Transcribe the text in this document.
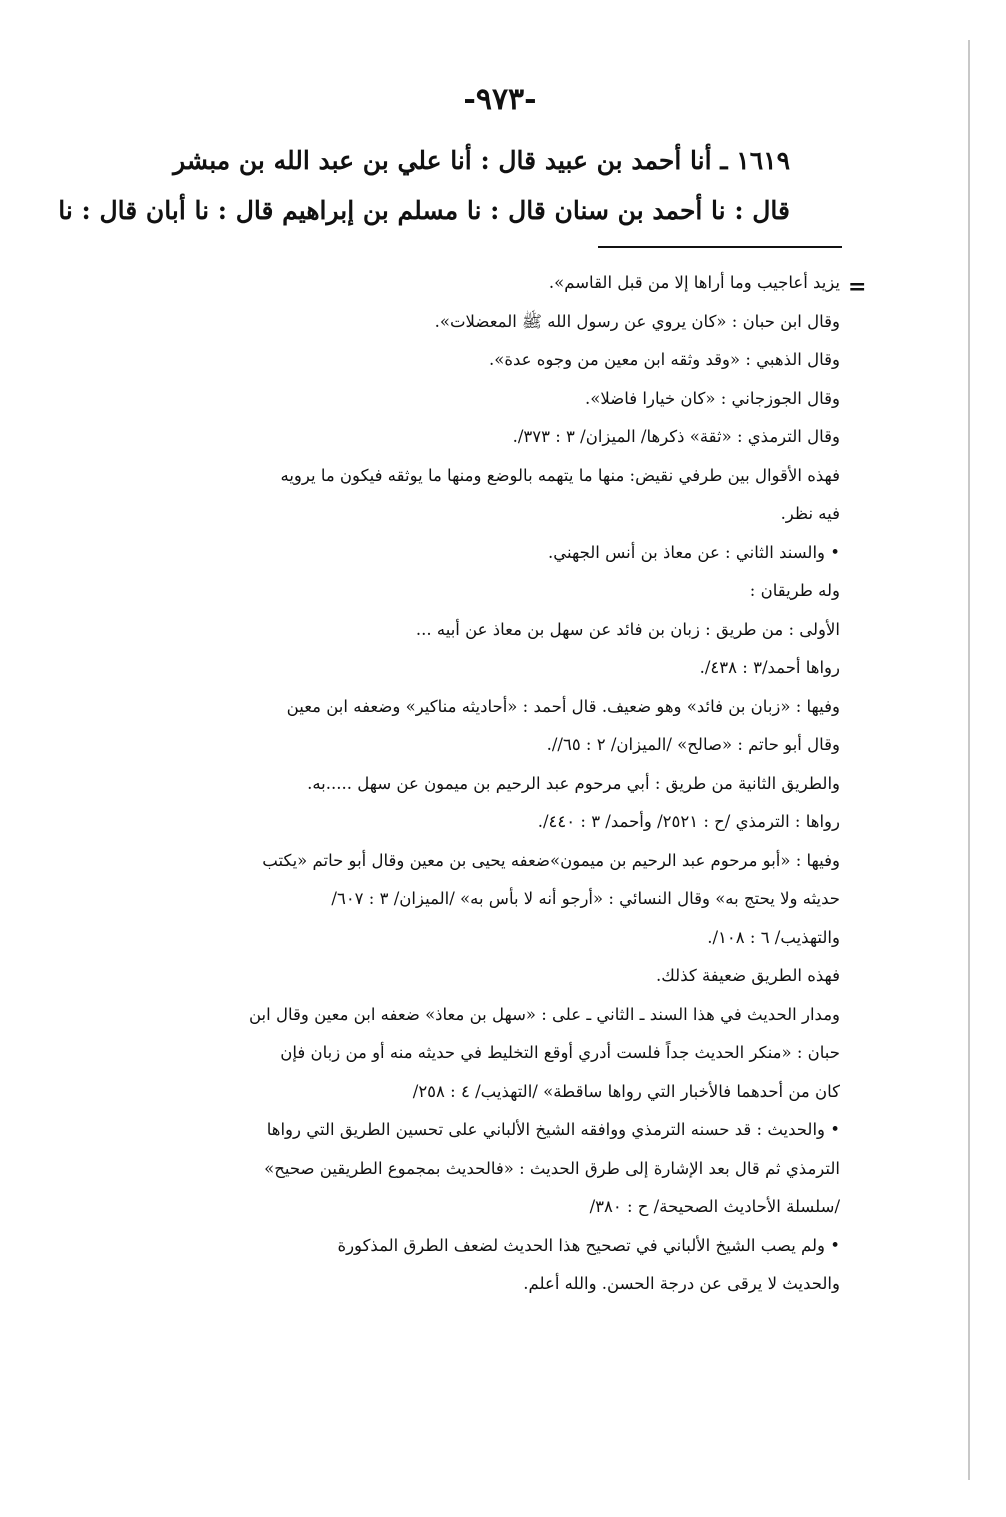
-٩٧٣-
١٦١٩ ـ أنا أحمد بن عبيد قال : أنا علي بن عبد الله بن مبشر
قال : نا أحمد بن سنان قال : نا مسلم بن إبراهيم قال : نا أبان قال : نا
=
يزيد أعاجيب وما أراها إلا من قبل القاسم».
وقال ابن حبان : «كان يروي عن رسول الله ﷺ المعضلات».
وقال الذهبي : «وقد وثقه ابن معين من وجوه عدة».
وقال الجوزجاني : «كان خيارا فاضلا».
وقال الترمذي : «ثقة» ذكرها/ الميزان/ ٣ : ٣٧٣/.
فهذه الأقوال بين طرفي نقيض: منها ما يتهمه بالوضع ومنها ما يوثقه فيكون ما يرويه
فيه نظر.
• والسند الثاني : عن معاذ بن أنس الجهني.
وله طريقان :
الأولى : من طريق : زبان بن فائد عن سهل بن معاذ عن أبيه ...
رواها أحمد/٣ : ٤٣٨/.
وفيها : «زبان بن فائد» وهو ضعيف. قال أحمد : «أحاديثه مناكير» وضعفه ابن معين
وقال أبو حاتم : «صالح» /الميزان/ ٢ : ٦٥//.
والطريق الثانية من طريق : أبي مرحوم عبد الرحيم بن ميمون عن سهل .....به.
رواها : الترمذي /ح : ٢٥٢١/ وأحمد/ ٣ : ٤٤٠/.
وفيها : «أبو مرحوم عبد الرحيم بن ميمون»ضعفه يحيى بن معين وقال أبو حاتم «يكتب
حديثه ولا يحتج به» وقال النسائي : «أرجو أنه لا بأس به» /الميزان/ ٣ : ٦٠٧/
والتهذيب/ ٦ : ١٠٨/.
فهذه الطريق ضعيفة كذلك.
ومدار الحديث في هذا السند ـ الثاني ـ على : «سهل بن معاذ» ضعفه ابن معين وقال ابن
حبان : «منكر الحديث جداً فلست أدري أوقع التخليط في حديثه منه أو من زبان فإن
كان من أحدهما فالأخبار التي رواها ساقطة» /التهذيب/ ٤ : ٢٥٨/
• والحديث : قد حسنه الترمذي ووافقه الشيخ الألباني على تحسين الطريق التي رواها
الترمذي ثم قال بعد الإشارة إلى طرق الحديث : «فالحديث بمجموع الطريقين صحيح»
/سلسلة الأحاديث الصحيحة/ ح : ٣٨٠/
• ولم يصب الشيخ الألباني في تصحيح هذا الحديث لضعف الطرق المذكورة
والحديث لا يرقى عن درجة الحسن. والله أعلم.
